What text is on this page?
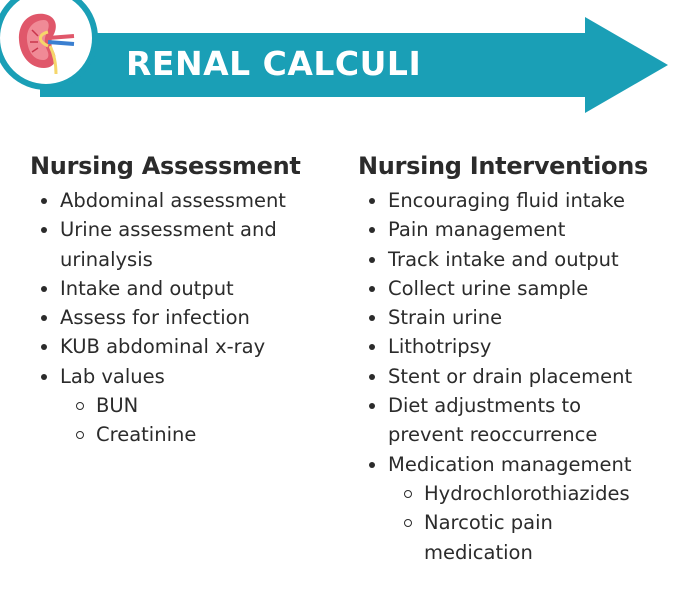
RENAL CALCULI
Nursing Assessment
Abdominal assessment
Urine assessment and
urinalysis
Intake and output
Assess for infection
KUB abdominal x-ray
Lab values
BUN
Creatinine
Nursing Interventions
Encouraging fluid intake
Pain management
Track intake and output
Collect urine sample
Strain urine
Lithotripsy
Stent or drain placement
Diet adjustments to
prevent reoccurrence
Medication management
Hydrochlorothiazides
Narcotic pain
medication
